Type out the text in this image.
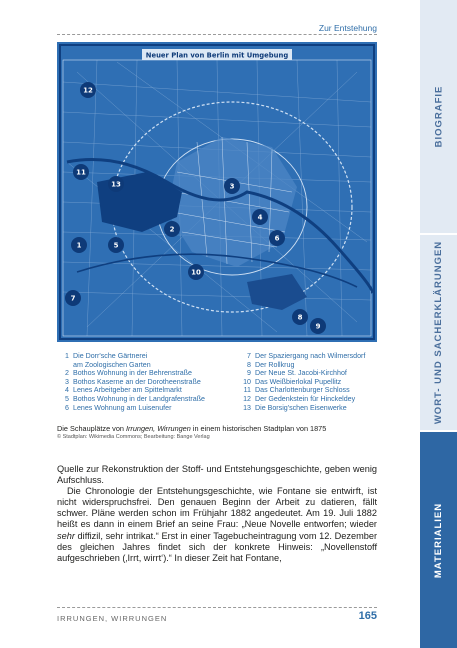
Zur Entstehung
BIOGRAFIE
WORT- UND SACHERKLÄRUNGEN
MATERIALIEN
Neuer Plan von Berlin mit Umgebung
12
11
13	3
4
2
6
1	5
10
7
8
9
1 Die Dorr'sche Gärtnerei
am Zoologischen Garten
2 Bothos Wohnung in der Behrenstraße
3 Bothos Kaserne an der Dorotheenstraße
4 Lenes Arbeitgeber am Spittelmarkt
5 Bothos Wohnung in der Landgrafenstraße
6 Lenes Wohnung am Luisenufer
7 Der Spaziergang nach Wilmersdorf
8 Der Rollkrug
9 Der Neue St. Jacobi-Kirchhof
10 Das Weißbierlokal Pupellitz
11 Das Charlottenburger Schloss
12 Der Gedenkstein für Hinckeldey
13 Die Borsig'schen Eisenwerke
Die Schauplätze von Irrungen, Wirrungen in einem historischen Stadtplan von 1875
© Stadtplan: Wikimedia Commons; Bearbeitung: Bange Verlag

Quelle zur Rekonstruktion der Stoff- und Entstehungsgeschichte, geben wenig Aufschluss.

Die Chronologie der Entstehungsgeschichte, wie Fontane sie entwirft, ist nicht widerspruchsfrei. Den genauen Beginn der Arbeit zu datieren, fällt schwer. Pläne werden schon im Frühjahr 1882 angedeutet. Am 19. Juli 1882 heißt es dann in einem Brief an seine Frau: „Neue Novelle entworfen; wieder sehr diffizil, sehr intrikat.“ Erst in einer Tagebucheintragung vom 12. Dezember des gleichen Jahres findet sich der konkrete Hinweis: „Novellenstoff aufgeschrieben (‚Irrt, wirrt‘).“ In dieser Zeit hat Fontane,

IRRUNGEN, WIRRUNGEN	165
